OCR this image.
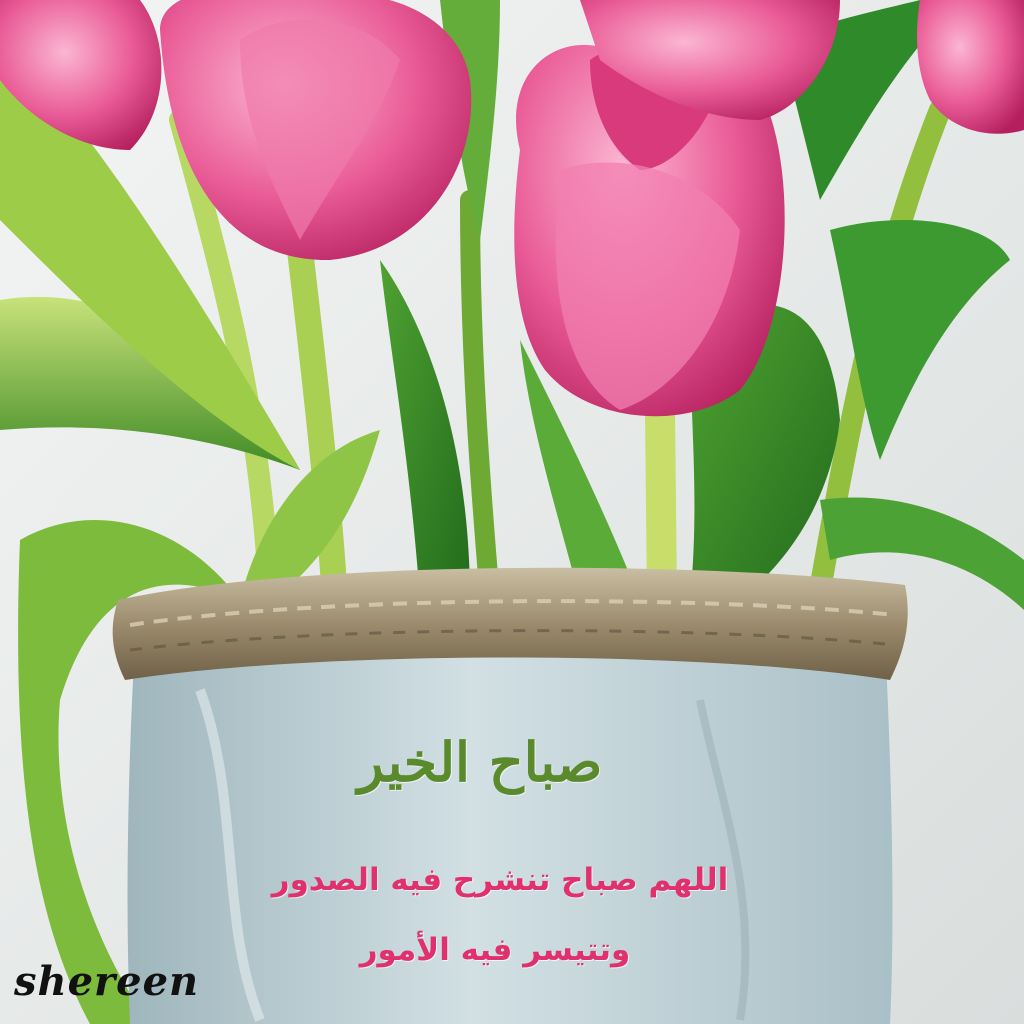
صباح الخير
اللهم صباح تنشرح فيه الصدور
وتتيسر فيه الأمور
shereen
